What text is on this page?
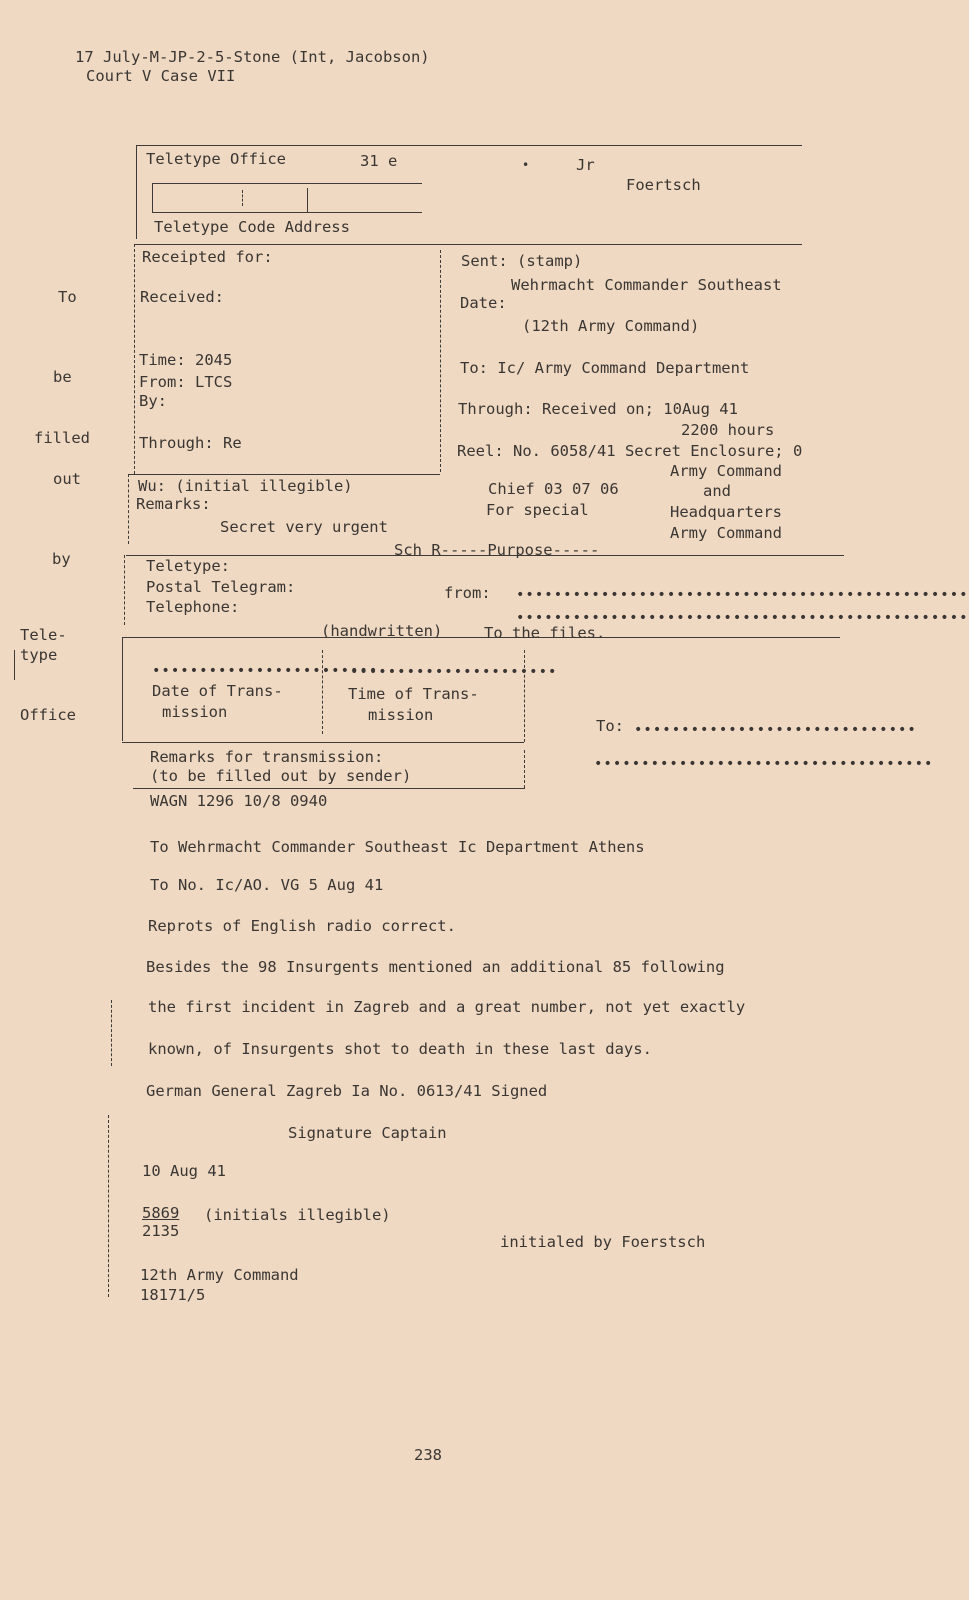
17 July-M-JP-2-5-Stone (Int, Jacobson)
Court V Case VII
To
be
filled
out
by
Tele-
type
Office
Teletype Office	31 e	•	Jr
Foertsch
Teletype Code Address
Receipted for:
Received:
Time: 2045
From: LTCS
By:
Through: Re
Sent: (stamp)
Wehrmacht Commander Southeast
Date:
(12th Army Command)
To: Ic/ Army Command Department
Through: Received on; 10Aug 41
2200 hours
Reel: No. 6058/41 Secret Enclosure; 0
Wu: (initial illegible)
Remarks:
Secret very urgent
Chief 03 07 06
For special
Army Command
and
Headquarters
Army Command
Sch R-----Purpose-----
Teletype:
Postal Telegram:
Telephone:
from: ••••••••••••••••••••••••••••••••••••••••••••••••
••••••••••••••••••••••••••••••••••••••••••••••••
(handwritten)	To the files.
••••••••••••••••••••••••
••••••••••••••••••••••
Date of Trans-
mission
Time of Trans-
mission
To: ••••••••••••••••••••••••••••••
••••••••••••••••••••••••••••••••••••
Remarks for transmission:
(to be filled out by sender)
WAGN 1296 10/8 0940
To Wehrmacht Commander Southeast Ic Department Athens
To No. Ic/AO. VG 5 Aug 41
Reprots of English radio correct.
Besides the 98 Insurgents mentioned an additional 85 following
the first incident in Zagreb and a great number, not yet exactly
known, of Insurgents shot to death in these last days.
German General Zagreb Ia No. 0613/41 Signed
Signature Captain
10 Aug 41
5869 (initials illegible)
2135
initialed by Foerstsch
12th Army Command
18171/5
238
